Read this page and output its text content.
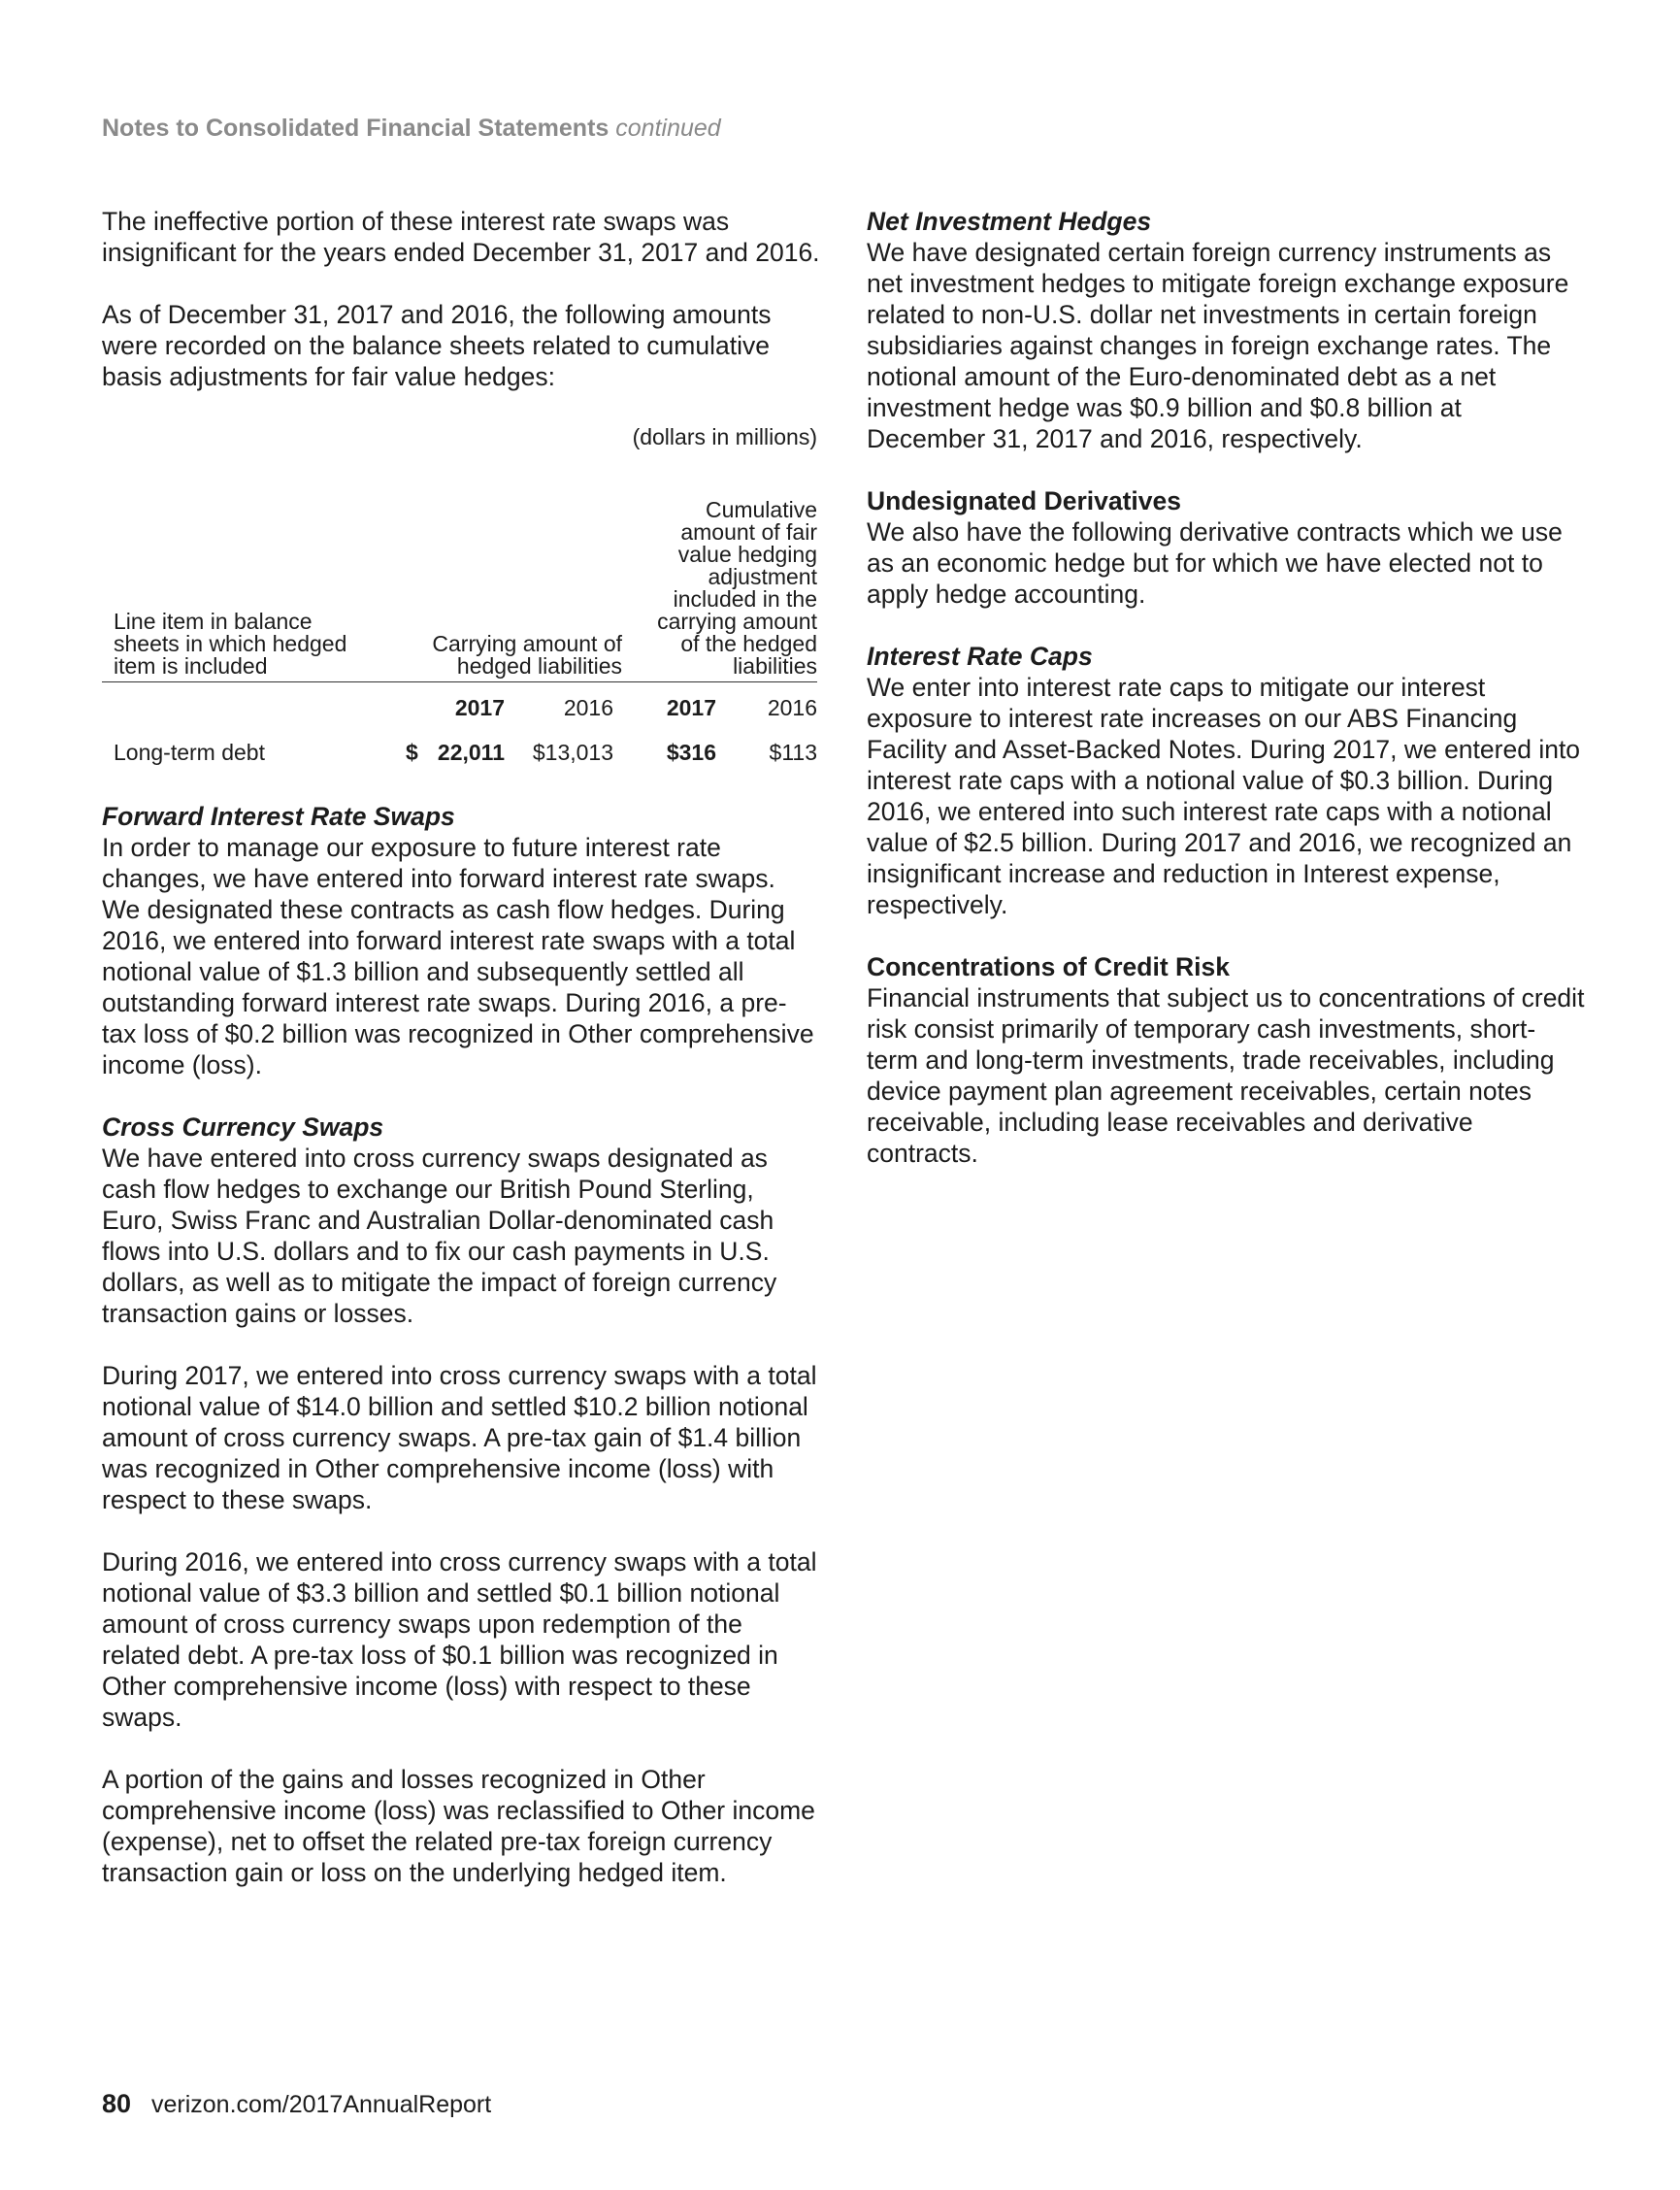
Notes to Consolidated Financial Statements continued

The ineffective portion of these interest rate swaps was insignificant for the years ended December 31, 2017 and 2016.

As of December 31, 2017 and 2016, the following amounts were recorded on the balance sheets related to cumulative basis adjustments for fair value hedges:

(dollars in millions)
Line item in balance sheets in which hedged item is included
Carrying amount of hedged liabilities
Cumulative amount of fair value hedging adjustment included in the carrying amount of the hedged liabilities
2017	2016 2017 2016
Long-term debt	$ 22,011 $13,013 $316 $113
Forward Interest Rate Swaps

In order to manage our exposure to future interest rate changes, we have entered into forward interest rate swaps. We designated these contracts as cash flow hedges. During 2016, we entered into forward interest rate swaps with a total notional value of $1.3 billion and subsequently settled all outstanding forward interest rate swaps. During 2016, a pre-tax loss of $0.2 billion was recognized in Other comprehensive income (loss).

Cross Currency Swaps

We have entered into cross currency swaps designated as cash flow hedges to exchange our British Pound Sterling, Euro, Swiss Franc and Australian Dollar-denominated cash flows into U.S. dollars and to fix our cash payments in U.S. dollars, as well as to mitigate the impact of foreign currency transaction gains or losses.

During 2017, we entered into cross currency swaps with a total notional value of $14.0 billion and settled $10.2 billion notional amount of cross currency swaps. A pre-tax gain of $1.4 billion was recognized in Other comprehensive income (loss) with respect to these swaps.

During 2016, we entered into cross currency swaps with a total notional value of $3.3 billion and settled $0.1 billion notional amount of cross currency swaps upon redemption of the related debt. A pre-tax loss of $0.1 billion was recognized in Other comprehensive income (loss) with respect to these swaps.

A portion of the gains and losses recognized in Other comprehensive income (loss) was reclassified to Other income (expense), net to offset the related pre-tax foreign currency transaction gain or loss on the underlying hedged item.

Net Investment Hedges

We have designated certain foreign currency instruments as net investment hedges to mitigate foreign exchange exposure related to non-U.S. dollar net investments in certain foreign subsidiaries against changes in foreign exchange rates. The notional amount of the Euro-denominated debt as a net investment hedge was $0.9 billion and $0.8 billion at December 31, 2017 and 2016, respectively.

Undesignated Derivatives

We also have the following derivative contracts which we use as an economic hedge but for which we have elected not to apply hedge accounting.

Interest Rate Caps

We enter into interest rate caps to mitigate our interest exposure to interest rate increases on our ABS Financing Facility and Asset-Backed Notes. During 2017, we entered into interest rate caps with a notional value of $0.3 billion. During 2016, we entered into such interest rate caps with a notional value of $2.5 billion. During 2017 and 2016, we recognized an insignificant increase and reduction in Interest expense, respectively.

Concentrations of Credit Risk

Financial instruments that subject us to concentrations of credit risk consist primarily of temporary cash investments, short-term and long-term investments, trade receivables, including device payment plan agreement receivables, certain notes receivable, including lease receivables and derivative contracts.

80 verizon.com/2017AnnualReport
